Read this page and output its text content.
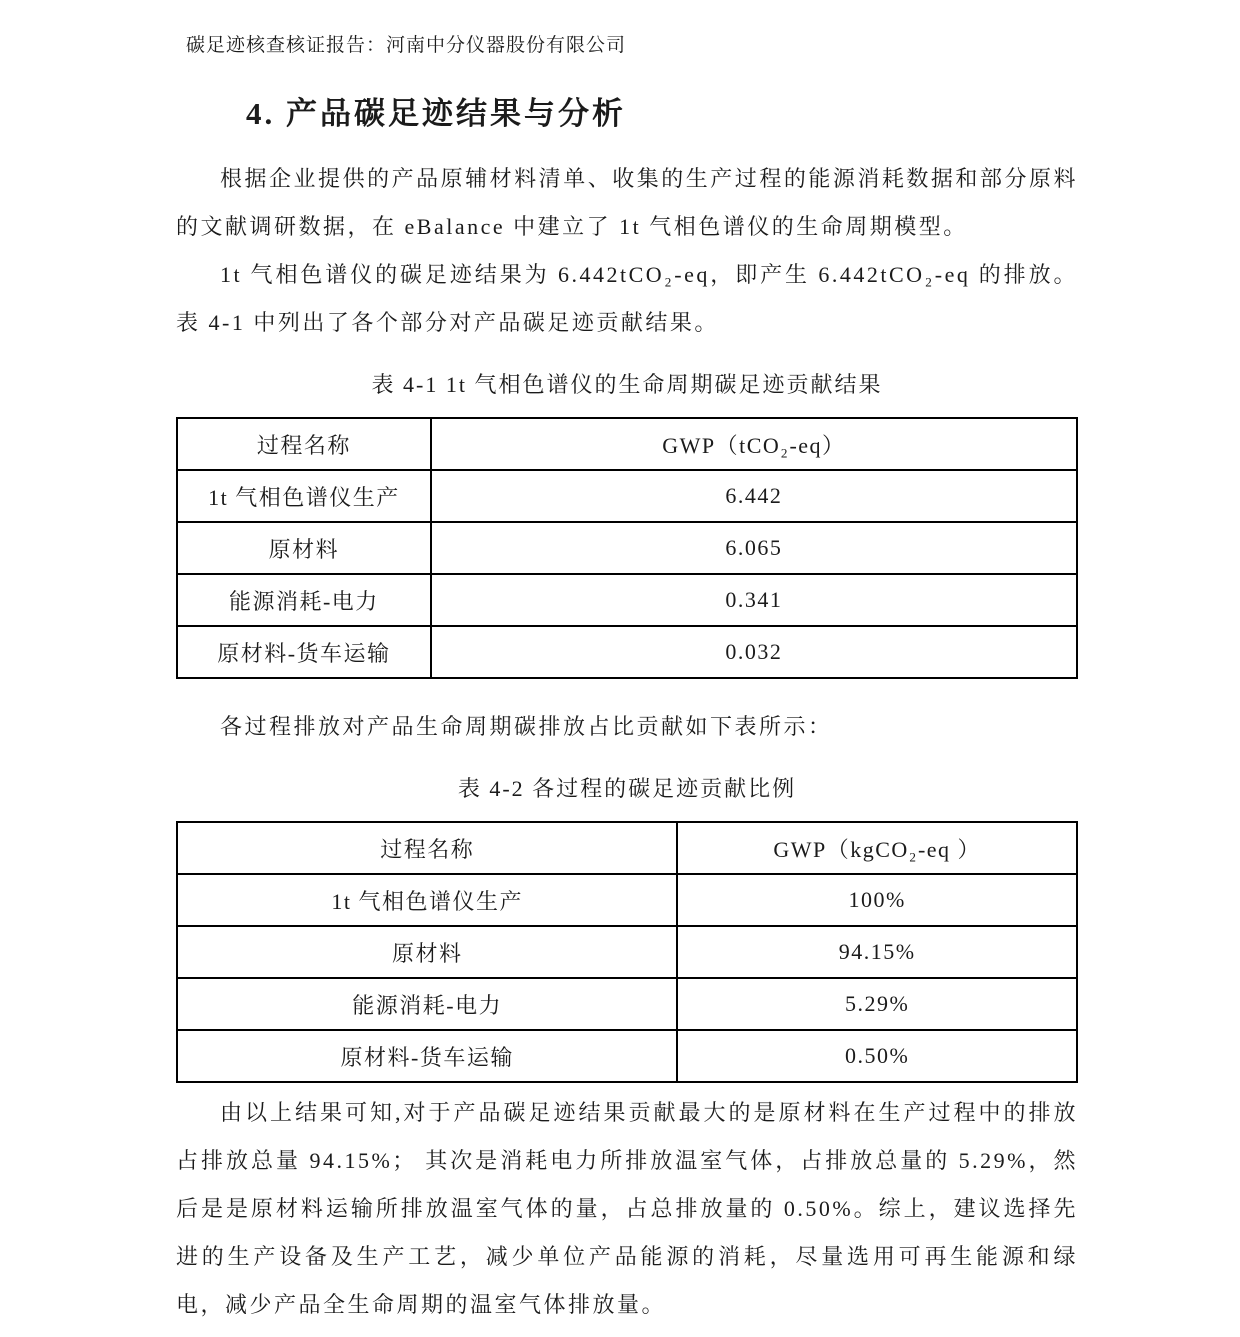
碳足迹核查核证报告：河南中分仪器股份有限公司
4. 产品碳足迹结果与分析

根据企业提供的产品原辅材料清单、收集的生产过程的能源消耗数据和部分原料的文献调研数据，在 eBalance 中建立了 1t 气相色谱仪的生命周期模型。

1t 气相色谱仪的碳足迹结果为 6.442tCO₂-eq，即产生 6.442tCO₂-eq 的排放。表 4-1 中列出了各个部分对产品碳足迹贡献结果。

表 4-1 1t 气相色谱仪的生命周期碳足迹贡献结果
过程名称	GWP（tCO₂-eq）
1t 气相色谱仪生产	6.442
原材料	6.065
能源消耗-电力	0.341
原材料-货车运输	0.032

各过程排放对产品生命周期碳排放占比贡献如下表所示：

表 4-2 各过程的碳足迹贡献比例
过程名称	GWP（kgCO₂-eq ）
1t 气相色谱仪生产	100%
原材料	94.15%
能源消耗-电力	5.29%
原材料-货车运输	0.50%

由以上结果可知,对于产品碳足迹结果贡献最大的是原材料在生产过程中的排放占排放总量 94.15%； 其次是消耗电力所排放温室气体，占排放总量的 5.29%，然后是是原材料运输所排放温室气体的量，占总排放量的 0.50%。综上，建议选择先进的生产设备及生产工艺，减少单位产品能源的消耗，尽量选用可再生能源和绿电，减少产品全生命周期的温室气体排放量。
